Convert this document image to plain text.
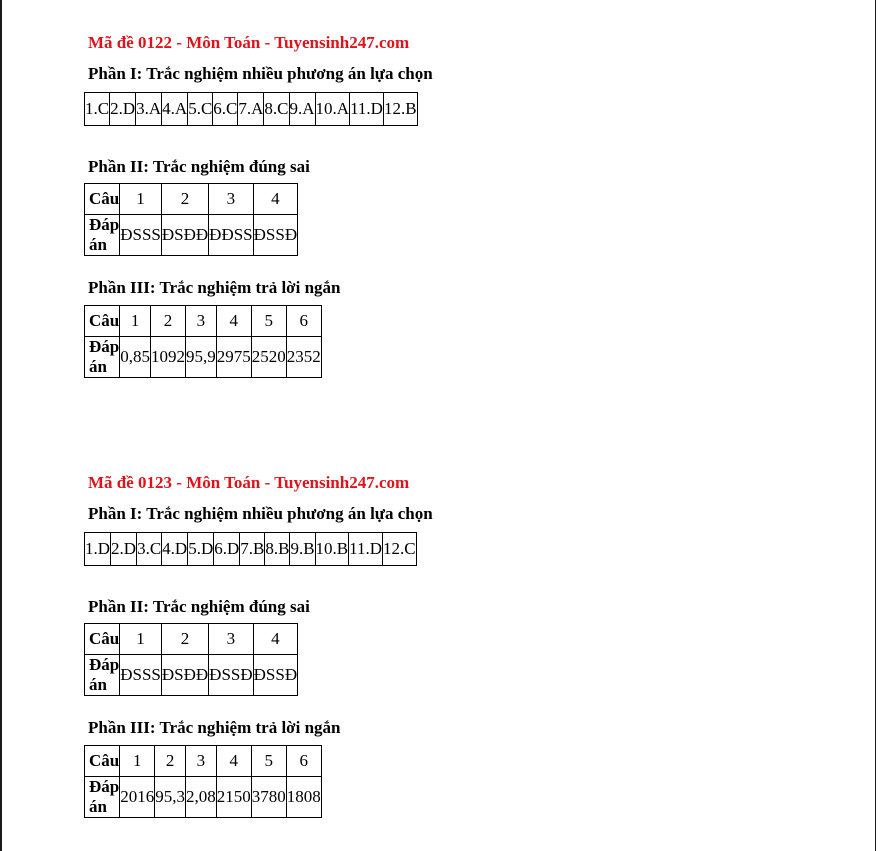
Mã đề 0122 - Môn Toán - Tuyensinh247.com
Phần I: Trắc nghiệm nhiều phương án lựa chọn
1.C	2.D	3.A	4.A	5.C	6.C	7.A	8.C	9.A	10.A	11.D	12.B
Phần II: Trắc nghiệm đúng sai
Câu	1	2	3	4
Đáp án	ĐSSS	ĐSĐĐ	ĐĐSS	ĐSSĐ
Phần III: Trắc nghiệm trả lời ngắn
Câu	1	2	3	4	5	6
Đáp án	0,85	1092	95,9	2975	2520	2352
Mã đề 0123 - Môn Toán - Tuyensinh247.com
Phần I: Trắc nghiệm nhiều phương án lựa chọn
1.D	2.D	3.C	4.D	5.D	6.D	7.B	8.B	9.B	10.B	11.D	12.C
Phần II: Trắc nghiệm đúng sai
Câu	1	2	3	4
Đáp án	ĐSSS	ĐSĐĐ	ĐSSĐ	ĐSSĐ
Phần III: Trắc nghiệm trả lời ngắn
Câu	1	2	3	4	5	6
Đáp án	2016	95,3	2,08	2150	3780	1808
